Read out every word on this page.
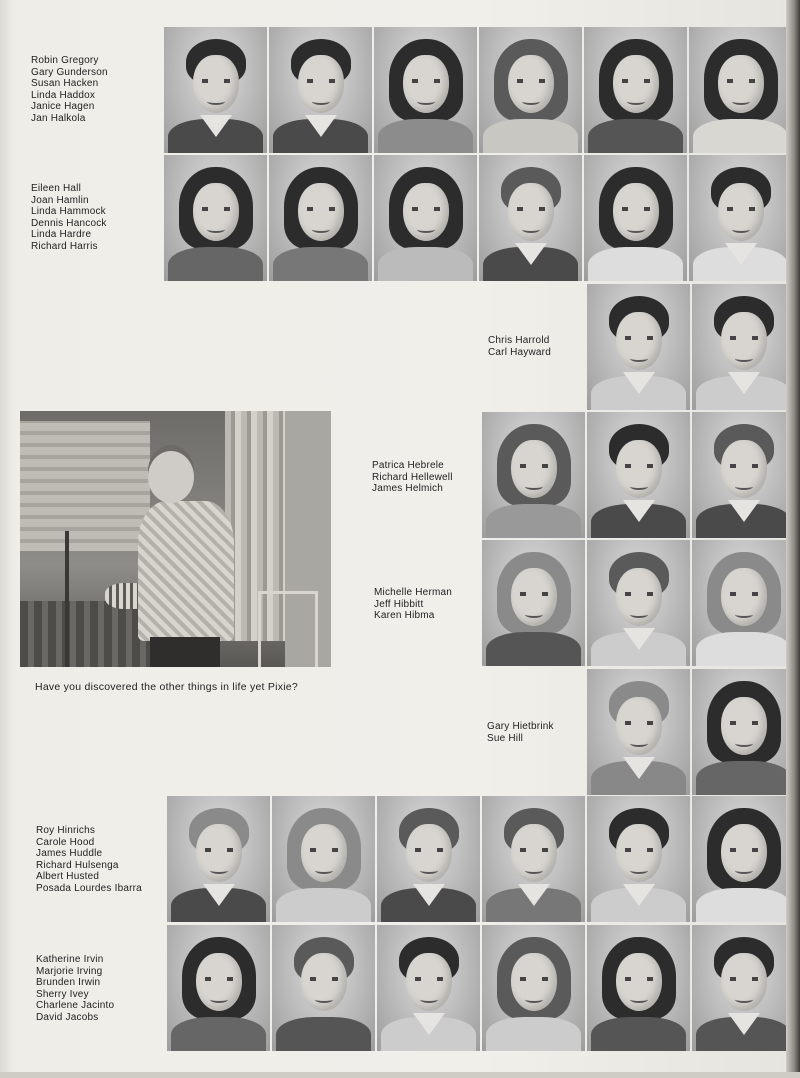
Robin Gregory
Gary Gunderson
Susan Hacken
Linda Haddox
Janice Hagen
Jan Halkola
Eileen Hall
Joan Hamlin
Linda Hammock
Dennis Hancock
Linda Hardre
Richard Harris
Chris Harrold
Carl Hayward
Patrica Hebrele
Richard Hellewell
James Helmich
Michelle Herman
Jeff Hibbitt
Karen Hibma
Gary Hietbrink
Sue Hill
Roy Hinrichs
Carole Hood
James Huddle
Richard Hulsenga
Albert Husted
Posada Lourdes Ibarra
Katherine Irvin
Marjorie Irving
Brunden Irwin
Sherry Ivey
Charlene Jacinto
David Jacobs
Have you discovered the other things in life yet Pixie?
